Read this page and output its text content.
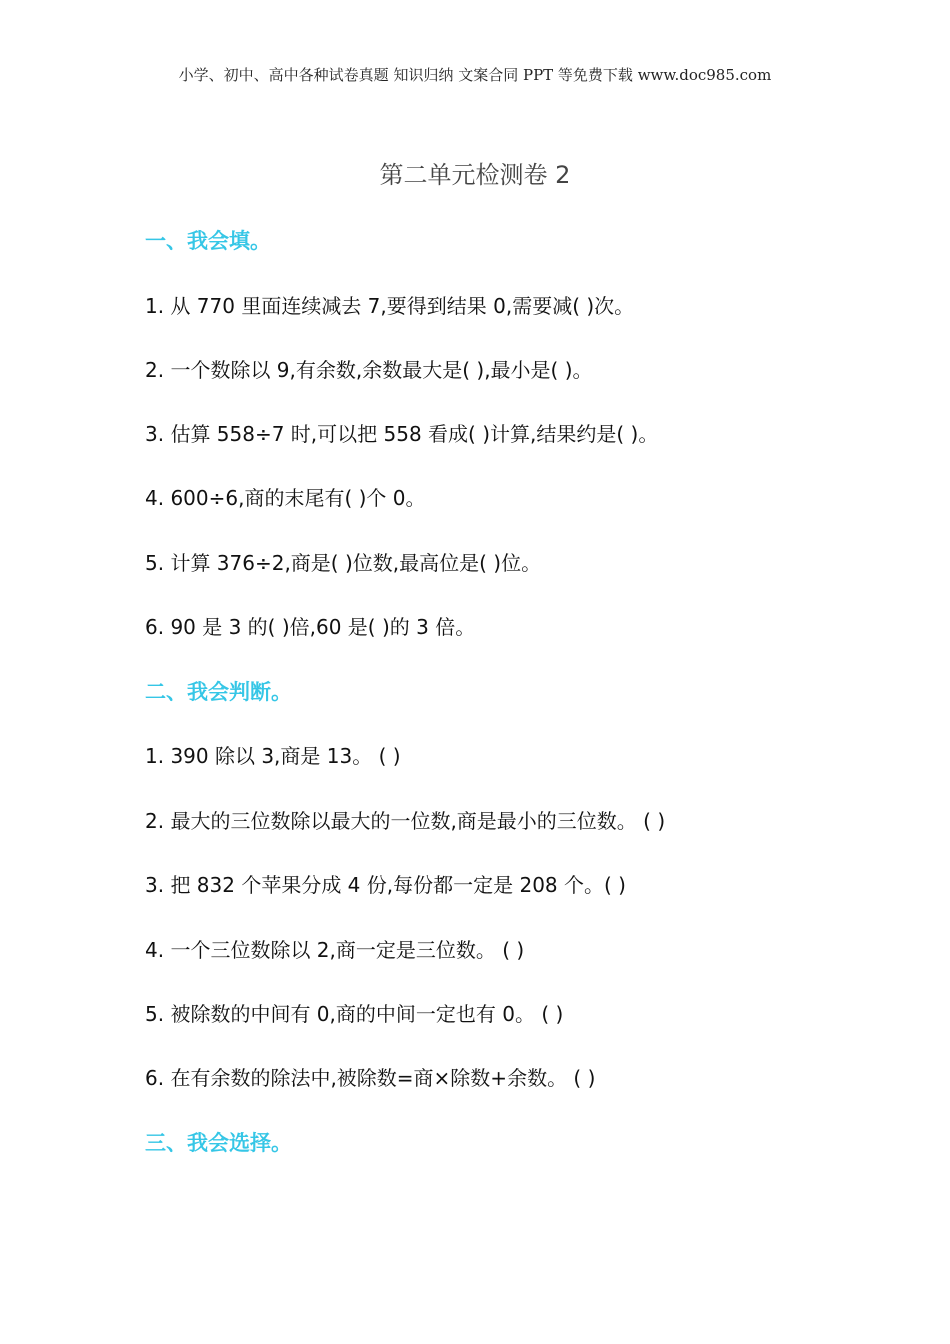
小学、初中、高中各种试卷真题 知识归纳 文案合同 PPT 等免费下载 www.doc985.com
第二单元检测卷 2
一、我会填。
1. 从 770 里面连续减去 7,要得到结果 0,需要减( )次。
2. 一个数除以 9,有余数,余数最大是( ),最小是( )。
3. 估算 558÷7 时,可以把 558 看成( )计算,结果约是( )。
4. 600÷6,商的末尾有( )个 0。
5. 计算 376÷2,商是( )位数,最高位是( )位。
6. 90 是 3 的( )倍,60 是( )的 3 倍。
二、我会判断。
1. 390 除以 3,商是 13。 ( )
2. 最大的三位数除以最大的一位数,商是最小的三位数。 ( )
3. 把 832 个苹果分成 4 份,每份都一定是 208 个。( )
4. 一个三位数除以 2,商一定是三位数。 ( )
5. 被除数的中间有 0,商的中间一定也有 0。 ( )
6. 在有余数的除法中,被除数=商×除数+余数。 ( )
三、我会选择。
